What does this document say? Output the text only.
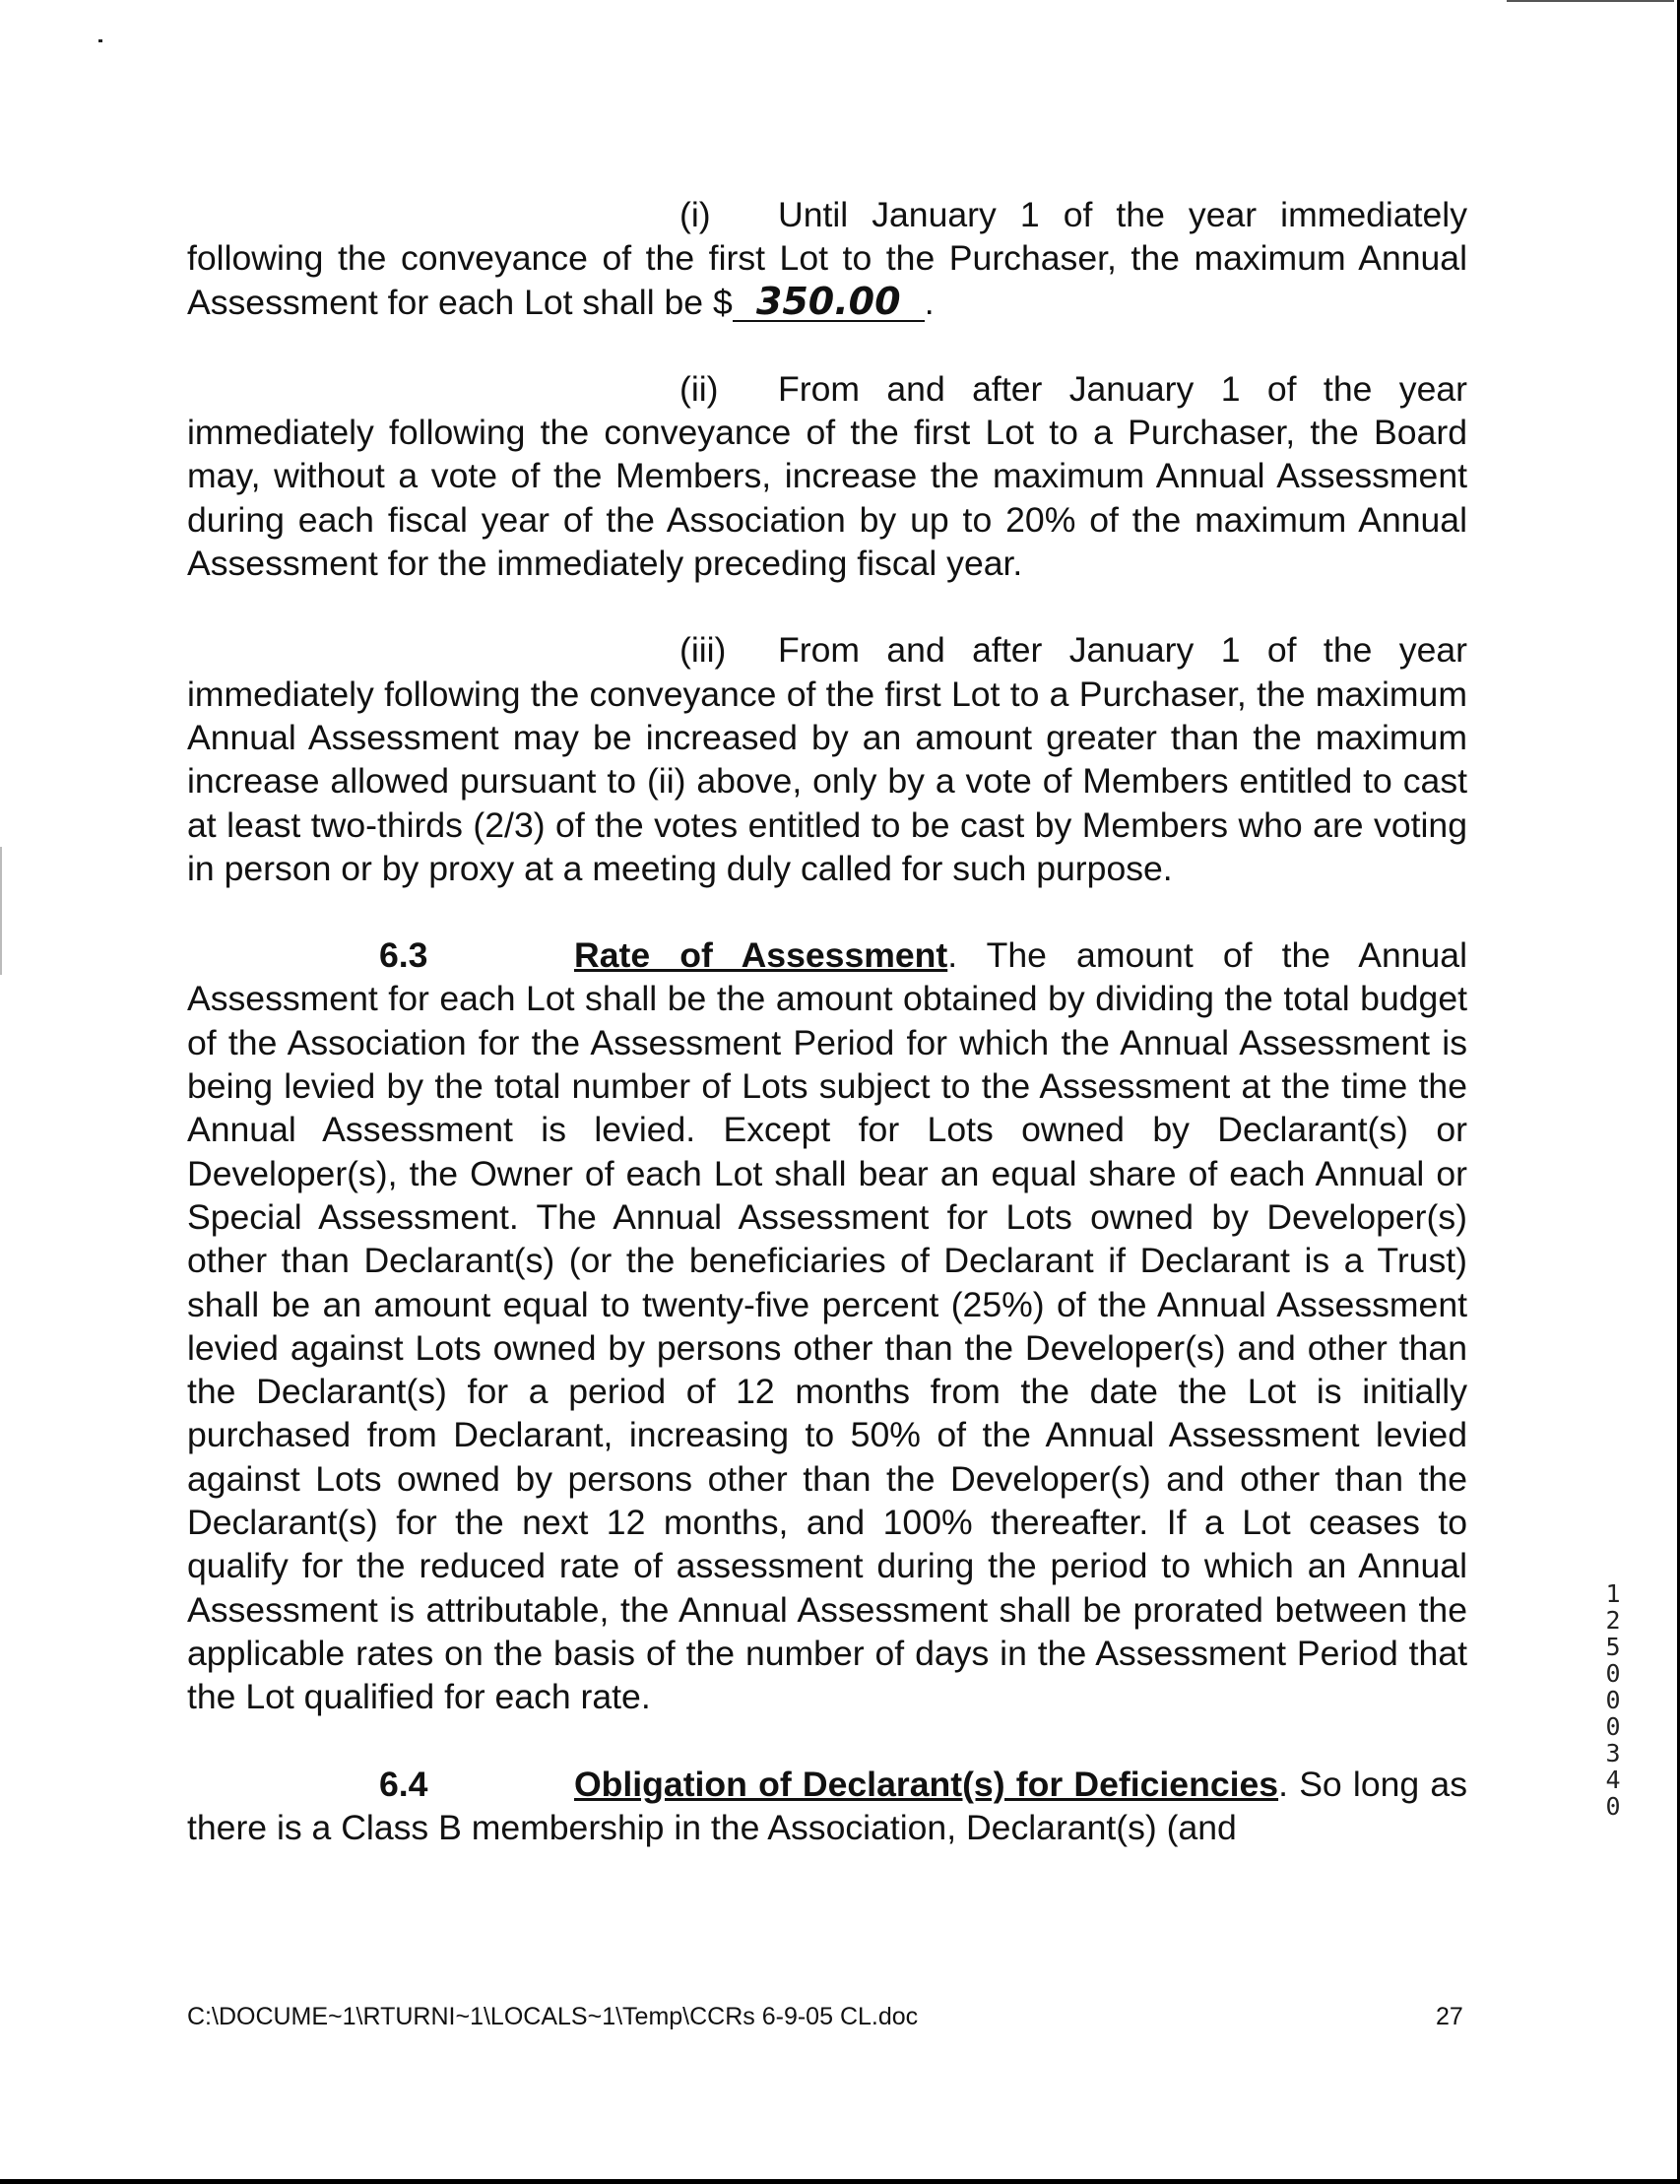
(i) Until January 1 of the year immediately following the conveyance of the first Lot to the Purchaser, the maximum Annual Assessment for each Lot shall be $ 350.00 .

(ii) From and after January 1 of the year immediately following the conveyance of the first Lot to a Purchaser, the Board may, without a vote of the Members, increase the maximum Annual Assessment during each fiscal year of the Association by up to 20% of the maximum Annual Assessment for the immediately preceding fiscal year.

(iii) From and after January 1 of the year immediately following the conveyance of the first Lot to a Purchaser, the maximum Annual Assessment may be increased by an amount greater than the maximum increase allowed pursuant to (ii) above, only by a vote of Members entitled to cast at least two-thirds (2/3) of the votes entitled to be cast by Members who are voting in person or by proxy at a meeting duly called for such purpose.

6.3	Rate of Assessment. The amount of the Annual Assessment for each Lot shall be the amount obtained by dividing the total budget of the Association for the Assessment Period for which the Annual Assessment is being levied by the total number of Lots subject to the Assessment at the time the Annual Assessment is levied. Except for Lots owned by Declarant(s) or Developer(s), the Owner of each Lot shall bear an equal share of each Annual or Special Assessment. The Annual Assessment for Lots owned by Developer(s) other than Declarant(s) (or the beneficiaries of Declarant if Declarant is a Trust) shall be an amount equal to twenty-five percent (25%) of the Annual Assessment levied against Lots owned by persons other than the Developer(s) and other than the Declarant(s) for a period of 12 months from the date the Lot is initially purchased from Declarant, increasing to 50% of the Annual Assessment levied against Lots owned by persons other than the Developer(s) and other than the Declarant(s) for the next 12 months, and 100% thereafter. If a Lot ceases to qualify for the reduced rate of assessment during the period to which an Annual Assessment is attributable, the Annual Assessment shall be prorated between the applicable rates on the basis of the number of days in the Assessment Period that the Lot qualified for each rate.

6.4	Obligation of Declarant(s) for Deficiencies. So long as there is a Class B membership in the Association, Declarant(s) (and

C:\DOCUME~1\RTURNI~1\LOCALS~1\Temp\CCRs 6-9-05 CL.doc	27
1
2
5
0
0
0
3
4
0
